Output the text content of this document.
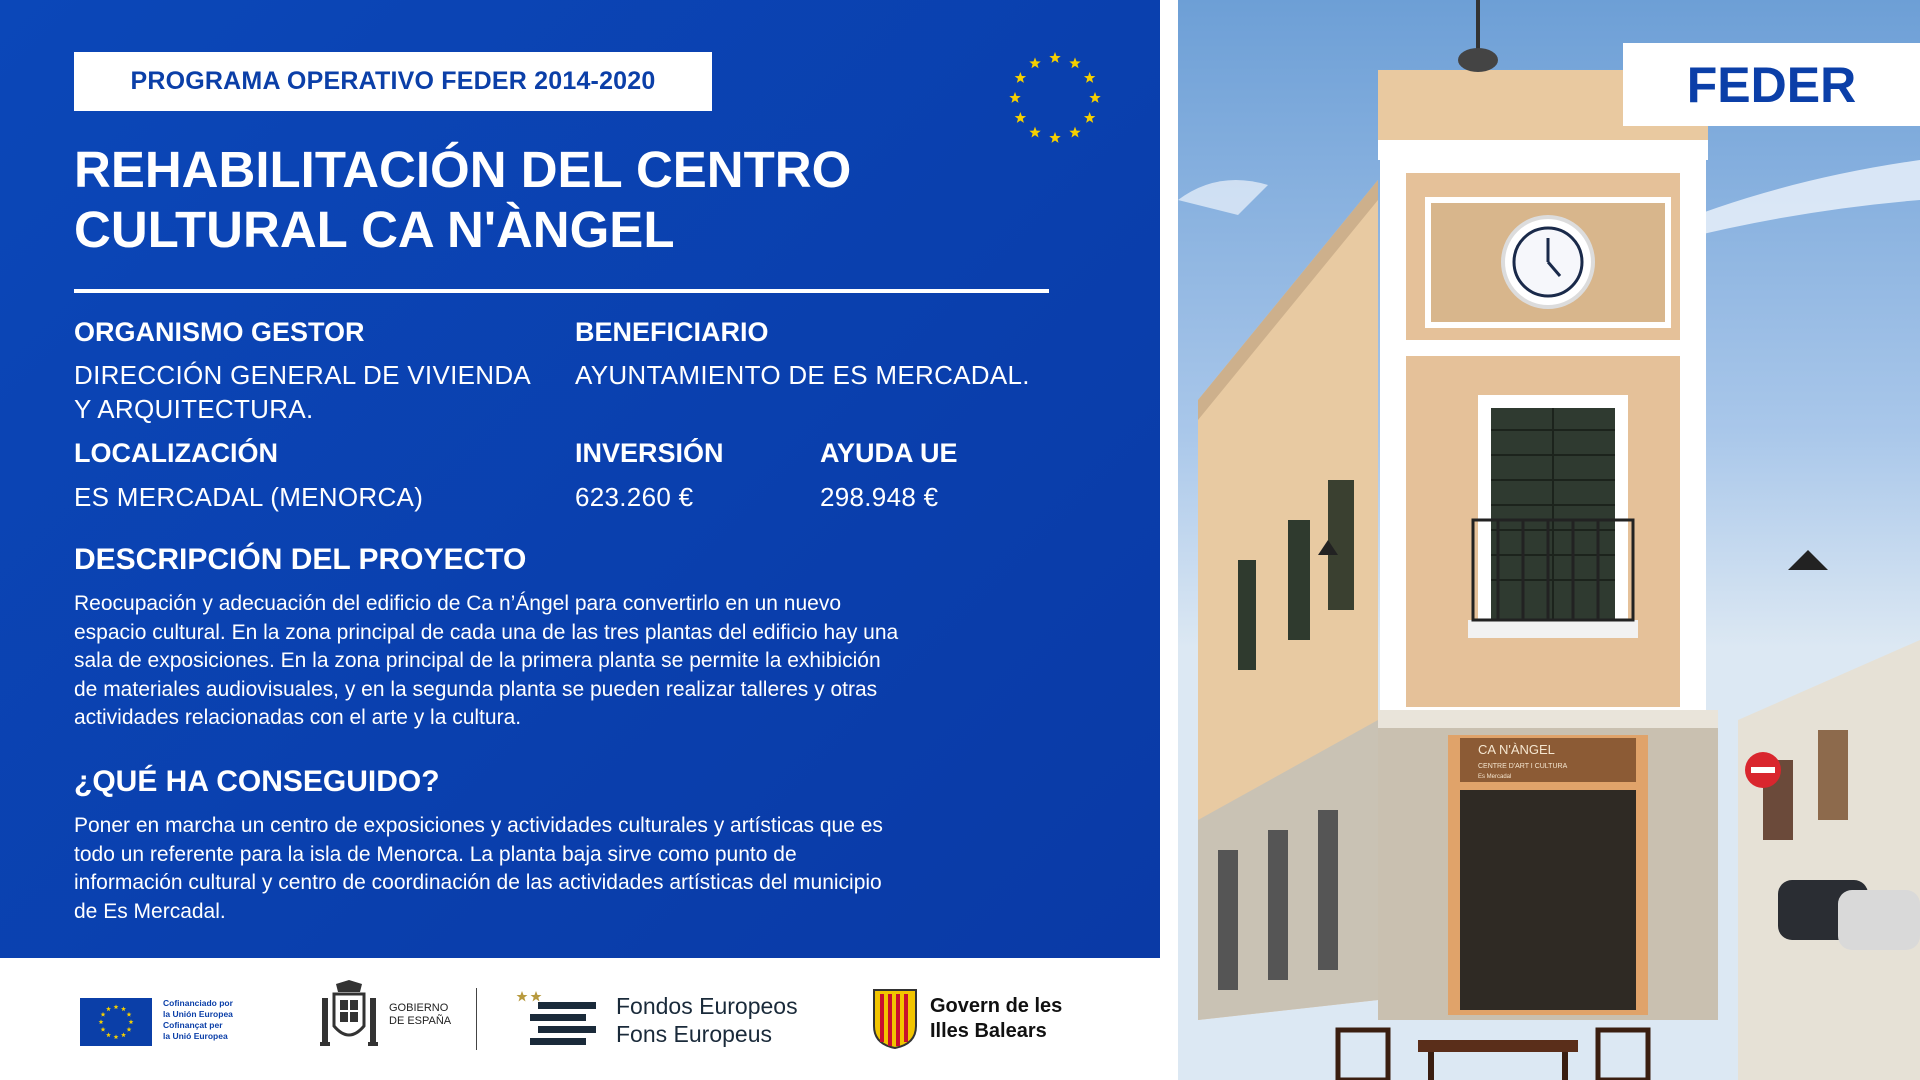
PROGRAMA OPERATIVO FEDER 2014-2020
REHABILITACIÓN DEL CENTRO
CULTURAL CA N'ÀNGEL
ORGANISMO GESTOR
DIRECCIÓN GENERAL DE VIVIENDA
Y ARQUITECTURA.
BENEFICIARIO
AYUNTAMIENTO DE ES MERCADAL.
LOCALIZACIÓN
ES MERCADAL (MENORCA)
INVERSIÓN
623.260 €
AYUDA UE
298.948 €
DESCRIPCIÓN DEL PROYECTO

Reocupación y adecuación del edificio de Ca n’Ángel para convertirlo en un nuevo
espacio cultural. En la zona principal de cada una de las tres plantas del edificio hay una
sala de exposiciones. En la zona principal de la primera planta se permite la exhibición
de materiales audiovisuales, y en la segunda planta se pueden realizar talleres y otras
actividades relacionadas con el arte y la cultura.

¿QUÉ HA CONSEGUIDO?

Poner en marcha un centro de exposiciones y actividades culturales y artísticas que es
todo un referente para la isla de Menorca. La planta baja sirve como punto de
información cultural y centro de coordinación de las actividades artísticas del municipio
de Es Mercadal.

Cofinanciado por
la Unión Europea
Cofinançat per
la Unió Europea
GOBIERNO
DE ESPAÑA
Fondos Europeos
Fons Europeus
Govern de les
Illes Balears
CA N'ÀNGEL
CENTRE D'ART I CULTURA
Es Mercadal
FEDER
